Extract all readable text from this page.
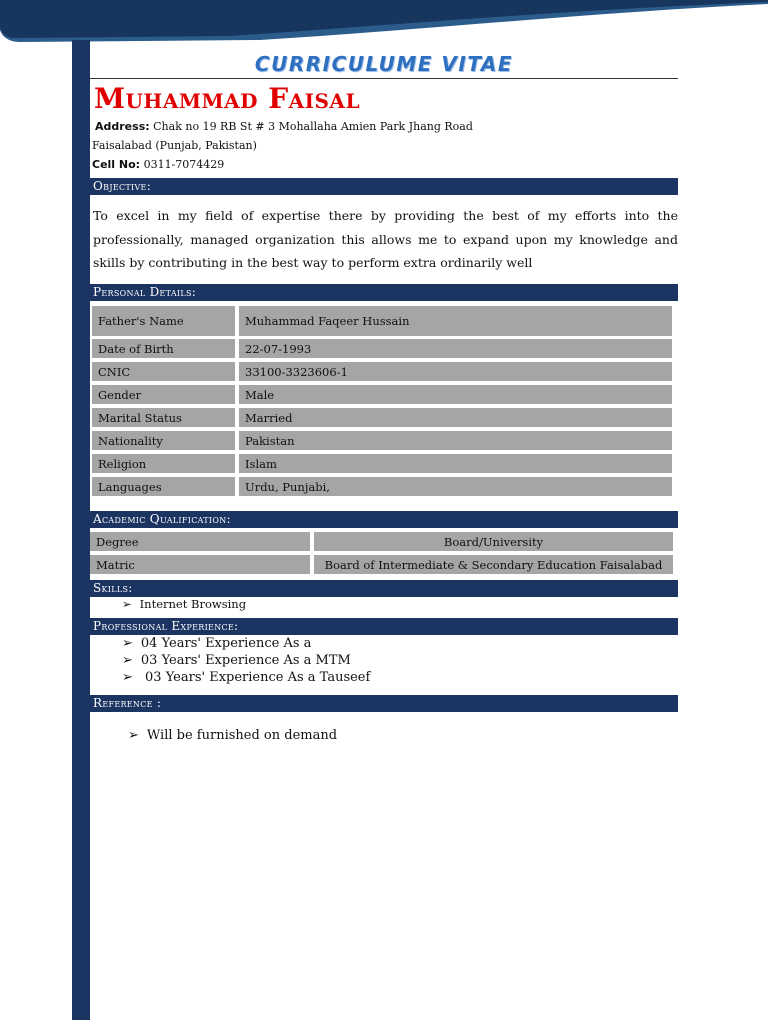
CURRICULUME VITAE
Muhammad Faisal
Address: Chak no 19 RB St # 3 Mohallaha Amien Park Jhang Road
Faisalabad (Punjab, Pakistan)
Cell No: 0311-7074429
Objective:
To excel in my field of expertise there by providing the best of my efforts into the professionally, managed organization this allows me to expand upon my knowledge and skills by contributing in the best way to perform extra ordinarily well
Personal Details:
Father's Name	Muhammad Faqeer Hussain
Date of Birth	22-07-1993
CNIC	33100-3323606-1
Gender	Male
Marital Status	Married
Nationality	Pakistan
Religion	Islam
Languages	Urdu, Punjabi,
Academic Qualification:
Degree	Board/University
Matric	Board of Intermediate & Secondary Education Faisalabad
Skills:
➢ Internet Browsing
Professional Experience:
➢ 04 Years' Experience As a
➢ 03 Years' Experience As a MTM
➢ 03 Years' Experience As a Tauseef
Reference :
➢ Will be furnished on demand
